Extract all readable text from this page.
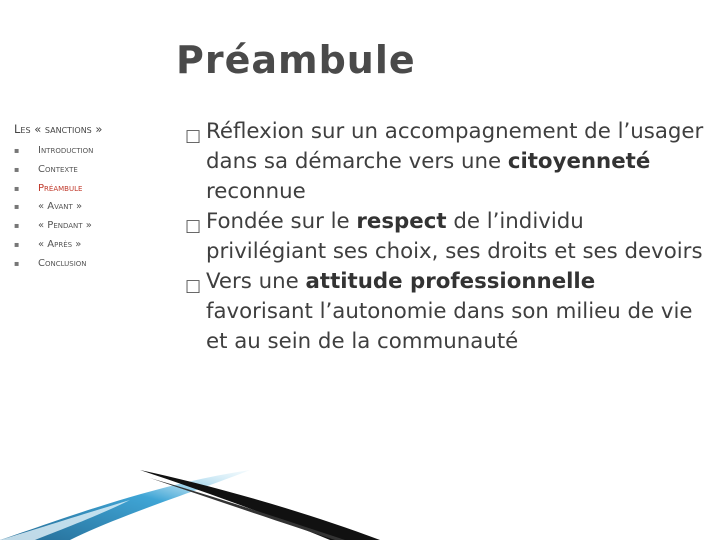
Préambule
Les « sanctions »
▪ Introduction
▪ Contexte
▪ Préambule
▪ « Avant »
▪ « Pendant »
▪ « Après »
▪ Conclusion
□ Réflexion sur un accompagnement de l’usager dans sa démarche vers une citoyenneté reconnue
□ Fondée sur le respect de l’individu privilégiant ses choix, ses droits et ses devoirs
□ Vers une attitude professionnelle favorisant l’autonomie dans son milieu de vie et au sein de la communauté
